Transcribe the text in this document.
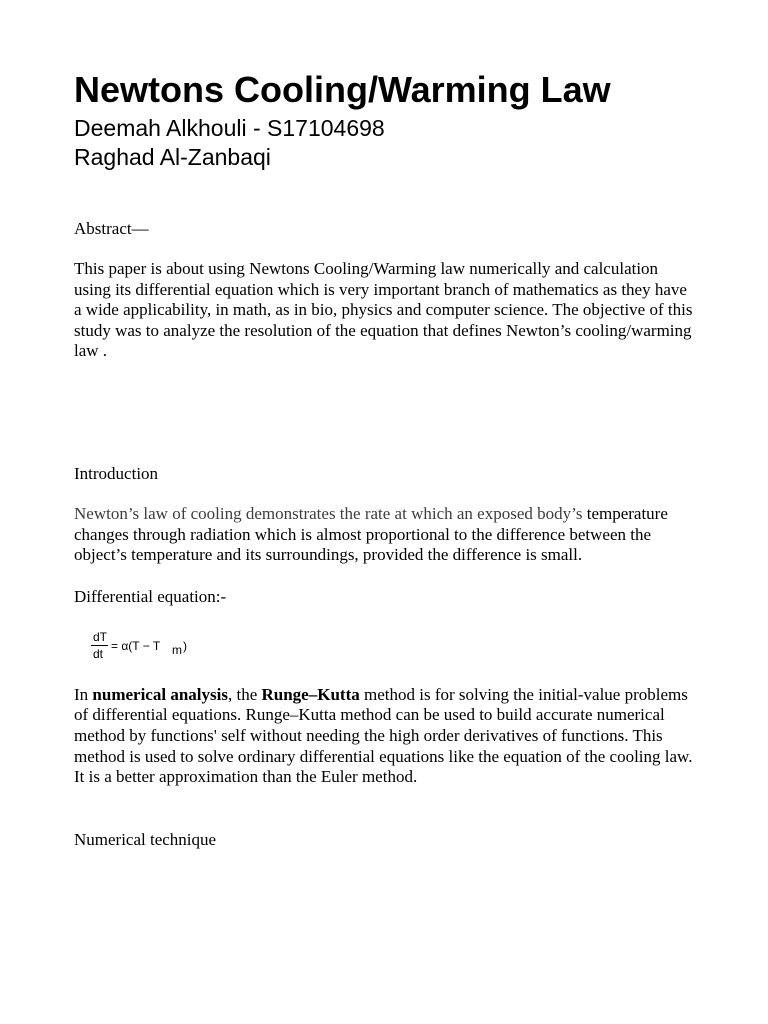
Newtons Cooling/Warming Law

Deemah Alkhouli - S17104698

Raghad Al-Zanbaqi

Abstract—

This paper is about using Newtons Cooling/Warming law numerically and calculation using its differential equation which is very important branch of mathematics as they have a wide applicability, in math, as in bio, physics and computer science. The objective of this study was to analyze the resolution of the equation that defines Newton’s cooling/warming law .

Introduction

Newton’s law of cooling demonstrates the rate at which an exposed body’s temperature changes through radiation which is almost proportional to the difference between the object’s temperature and its surroundings, provided the difference is small.

Differential equation:-

dT
dt
= α(T − T m )

In numerical analysis, the Runge–Kutta method is for solving the initial-value problems of differential equations. Runge–Kutta method can be used to build accurate numerical method by functions' self without needing the high order derivatives of functions. This method is used to solve ordinary differential equations like the equation of the cooling law. It is a better approximation than the Euler method.

Numerical technique
